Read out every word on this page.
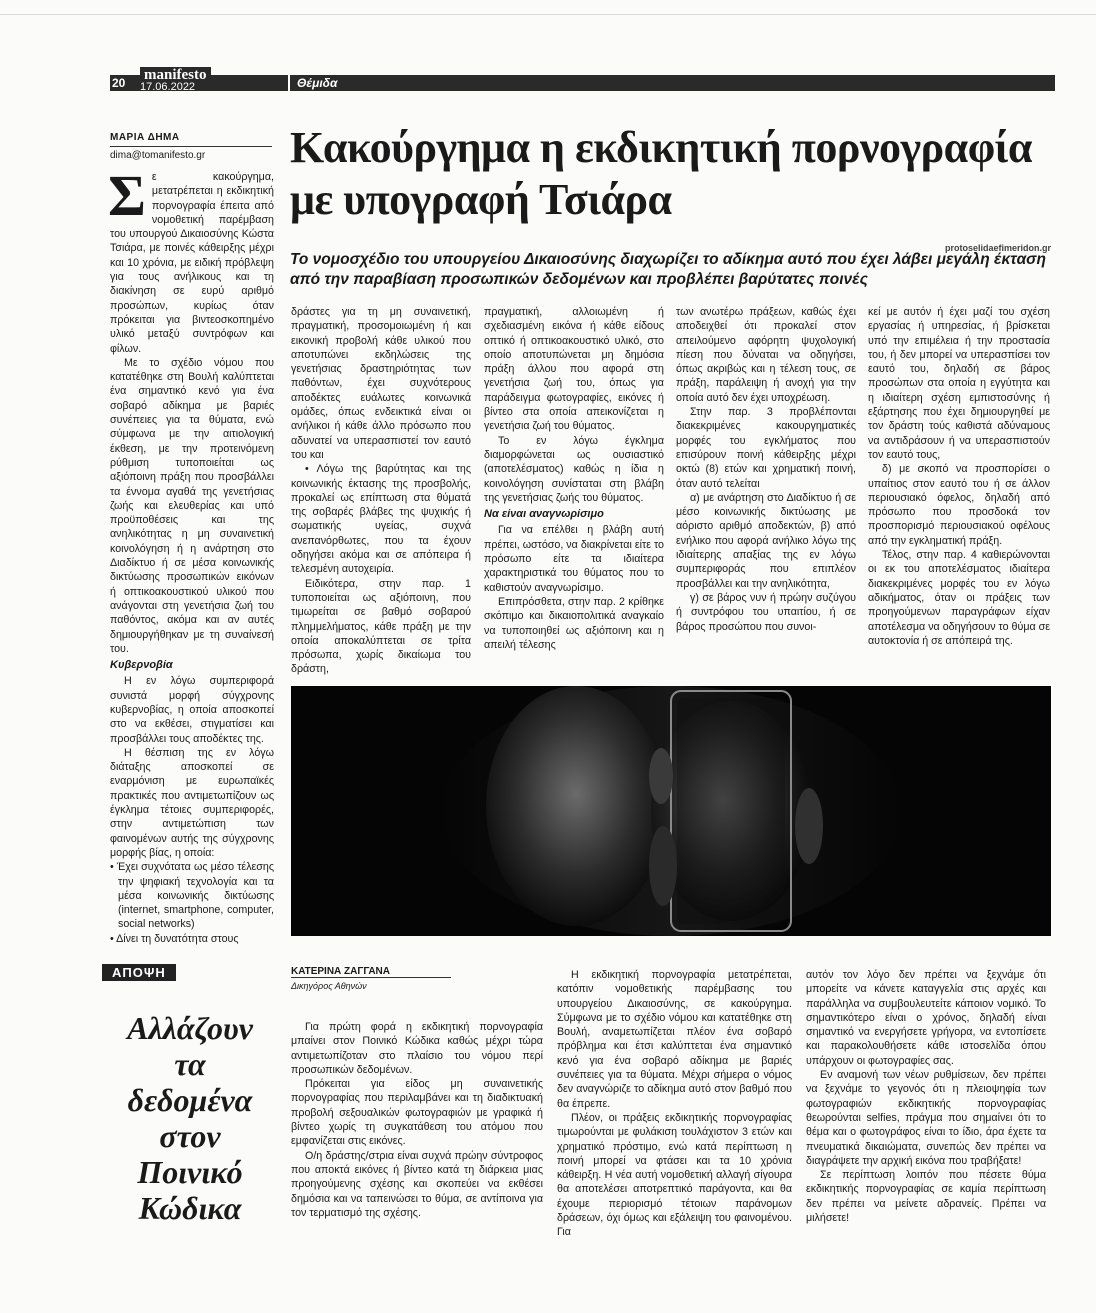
20 manifesto
17.06.2022	Θέμιδα
ΜΑΡΙΑ ΔΗΜΑ
dima@tomanifesto.gr Κακούργημα η εκδικητική πορνογραφία με υπογραφή Τσιάρα
protoselidaefimeridon.gr
Το νομοσχέδιο του υπουργείου Δικαιοσύνης διαχωρίζει το αδίκημα αυτό που έχει λάβει μεγάλη έκταση από την παραβίαση προσωπικών δεδομένων και προβλέπει βαρύτατες ποινές

Σε κακούργημα, μετατρέπεται η εκδικητική πορνογραφία έπειτα από νομοθετική παρέμβαση του υπουργού Δικαιοσύνης Κώστα Τσιάρα, με ποινές κάθειρξης μέχρι και 10 χρόνια, με ειδική πρόβλεψη για τους ανήλικους και τη διακίνηση σε ευρύ αριθμό προσώπων, κυρίως όταν πρόκειται για βιντεοσκοπημένο υλικό μεταξύ συντρόφων και φίλων.

Με το σχέδιο νόμου που κατατέθηκε στη Βουλή καλύπτεται ένα σημαντικό κενό για ένα σοβαρό αδίκημα με βαριές συνέπειες για τα θύματα, ενώ σύμφωνα με την αιτιολογική έκθεση, με την προτεινόμενη ρύθμιση τυποποιείται ως αξιόποινη πράξη που προσβάλλει τα έννομα αγαθά της γενετήσιας ζωής και ελευθερίας και υπό προϋποθέσεις και της ανηλικότητας η μη συναινετική κοινολόγηση ή η ανάρτηση στο Διαδίκτυο ή σε μέσα κοινωνικής δικτύωσης προσωπικών εικόνων ή οπτικοακουστικού υλικού που ανάγονται στη γενετήσια ζωή του παθόντος, ακόμα και αν αυτές δημιουργήθηκαν με τη συναίνεσή του.

Κυβερνοβία

Η εν λόγω συμπεριφορά συνιστά μορφή σύγχρονης κυβερνοβίας, η οποία αποσκοπεί στο να εκθέσει, στιγματίσει και προσβάλλει τους αποδέκτες της.

Η θέσπιση της εν λόγω διάταξης αποσκοπεί σε εναρμόνιση με ευρωπαϊκές πρακτικές που αντιμετωπίζουν ως έγκλημα τέτοιες συμπεριφορές, στην αντιμετώπιση των φαινομένων αυτής της σύγχρονης μορφής βίας, η οποία:

• Έχει συχνότατα ως μέσο τέλεσης την ψηφιακή τεχνολογία και τα μέσα κοινωνικής δικτύωσης (internet, smartphone, computer, social networks)

• Δίνει τη δυνατότητα στους

δράστες για τη μη συναινετική, πραγματική, προσομοιωμένη ή και εικονική προβολή κάθε υλικού που αποτυπώνει εκδηλώσεις της γενετήσιας δραστηριότητας των παθόντων, έχει συχνότερους αποδέκτες ευάλωτες κοινωνικά ομάδες, όπως ενδεικτικά είναι οι ανήλικοι ή κάθε άλλο πρόσωπο που αδυνατεί να υπερασπιστεί τον εαυτό του και

• Λόγω της βαρύτητας και της κοινωνικής έκτασης της προσβολής, προκαλεί ως επίπτωση στα θύματά της σοβαρές βλάβες της ψυχικής ή σωματικής υγείας, συχνά ανεπανόρθωτες, που τα έχουν οδηγήσει ακόμα και σε απόπειρα ή τελεσμένη αυτοχειρία.

Ειδικότερα, στην παρ. 1 τυποποιείται ως αξιόποινη, που τιμωρείται σε βαθμό σοβαρού πλημμελήματος, κάθε πράξη με την οποία αποκαλύπτεται σε τρίτα πρόσωπα, χωρίς δικαίωμα του δράστη,

πραγματική, αλλοιωμένη ή σχεδιασμένη εικόνα ή κάθε είδους οπτικό ή οπτικοακουστικό υλικό, στο οποίο αποτυπώνεται μη δημόσια πράξη άλλου που αφορά στη γενετήσια ζωή του, όπως για παράδειγμα φωτογραφίες, εικόνες ή βίντεο στα οποία απεικονίζεται η γενετήσια ζωή του θύματος.

Το εν λόγω έγκλημα διαμορφώνεται ως ουσιαστικό (αποτελέσματος) καθώς η ίδια η κοινολόγηση συνίσταται στη βλάβη της γενετήσιας ζωής του θύματος.

Να είναι αναγνωρίσιμο

Για να επέλθει η βλάβη αυτή πρέπει, ωστόσο, να διακρίνεται είτε το πρόσωπο είτε τα ιδιαίτερα χαρακτηριστικά του θύματος που το καθιστούν αναγνωρίσιμο.

Επιπρόσθετα, στην παρ. 2 κρίθηκε σκόπιμο και δικαιοπολιτικά αναγκαίο να τυποποιηθεί ως αξιόποινη και η απειλή τέλεσης

των ανωτέρω πράξεων, καθώς έχει αποδειχθεί ότι προκαλεί στον απειλούμενο αφόρητη ψυχολογική πίεση που δύναται να οδηγήσει, όπως ακριβώς και η τέλεση τους, σε πράξη, παράλειψη ή ανοχή για την οποία αυτό δεν έχει υποχρέωση.

Στην παρ. 3 προβλέπονται διακεκριμένες κακουργηματικές μορφές του εγκλήματος που επισύρουν ποινή κάθειρξης μέχρι οκτώ (8) ετών και χρηματική ποινή, όταν αυτό τελείται

α) με ανάρτηση στο Διαδίκτυο ή σε μέσο κοινωνικής δικτύωσης με αόριστο αριθμό αποδεκτών, β) από ενήλικο που αφορά ανήλικο λόγω της ιδιαίτερης απαξίας της εν λόγω συμπεριφοράς που επιπλέον προσβάλλει και την ανηλικότητα,

γ) σε βάρος νυν ή πρώην συζύγου ή συντρόφου του υπαιτίου, ή σε βάρος προσώπου που συνοι-

κεί με αυτόν ή έχει μαζί του σχέση εργασίας ή υπηρεσίας, ή βρίσκεται υπό την επιμέλεια ή την προστασία του, ή δεν μπορεί να υπερασπίσει τον εαυτό του, δηλαδή σε βάρος προσώπων στα οποία η εγγύτητα και η ιδιαίτερη σχέση εμπιστοσύνης ή εξάρτησης που έχει δημιουργηθεί με τον δράστη τούς καθιστά αδύναμους να αντιδράσουν ή να υπερασπιστούν τον εαυτό τους,

δ) με σκοπό να προσπορίσει ο υπαίτιος στον εαυτό του ή σε άλλον περιουσιακό όφελος, δηλαδή από πρόσωπο που προσδοκά τον προσπορισμό περιουσιακού οφέλους από την εγκληματική πράξη.

Τέλος, στην παρ. 4 καθιερώνονται οι εκ του αποτελέσματος ιδιαίτερα διακεκριμένες μορφές του εν λόγω αδικήματος, όταν οι πράξεις των προηγούμενων παραγράφων είχαν αποτέλεσμα να οδηγήσουν το θύμα σε αυτοκτονία ή σε απόπειρά της.

ΑΠΟΨΗ
Αλλάζουν τα δεδομένα στον Ποινικό Κώδικα
ΚΑΤΕΡΙΝΑ ΖΑΓΓΑΝΑ
Δικηγόρος Αθηνών

Για πρώτη φορά η εκδικητική πορνογραφία μπαίνει στον Ποινικό Κώδικα καθώς μέχρι τώρα αντιμετωπίζοταν στο πλαίσιο του νόμου περί προσωπικών δεδομένων.

Πρόκειται για είδος μη συναινετικής πορνογραφίας που περιλαμβάνει και τη διαδικτυακή προβολή σεξουαλικών φωτογραφιών με γραφικά ή βίντεο χωρίς τη συγκατάθεση του ατόμου που εμφανίζεται στις εικόνες.

Ο/η δράστης/στρια είναι συχνά πρώην σύντροφος που αποκτά εικόνες ή βίντεο κατά τη διάρκεια μιας προηγούμενης σχέσης και σκοπεύει να εκθέσει δημόσια και να ταπεινώσει το θύμα, σε αντίποινα για τον τερματισμό της σχέσης.

Η εκδικητική πορνογραφία μετατρέπεται, κατόπιν νομοθετικής παρέμβασης του υπουργείου Δικαιοσύνης, σε κακούργημα. Σύμφωνα με το σχέδιο νόμου και κατατέθηκε στη Βουλή, αναμετωπίζεται πλέον ένα σοβαρό πρόβλημα και έτσι καλύπτεται ένα σημαντικό κενό για ένα σοβαρό αδίκημα με βαριές συνέπειες για τα θύματα. Μέχρι σήμερα ο νόμος δεν αναγνώριζε το αδίκημα αυτό στον βαθμό που θα έπρεπε.

Πλέον, οι πράξεις εκδικητικής πορνογραφίας τιμωρούνται με φυλάκιση τουλάχιστον 3 ετών και χρηματικό πρόστιμο, ενώ κατά περίπτωση η ποινή μπορεί να φτάσει και τα 10 χρόνια κάθειρξη. Η νέα αυτή νομοθετική αλλαγή σίγουρα θα αποτελέσει αποτρεπτικό παράγοντα, και θα έχουμε περιορισμό τέτοιων παράνομων δράσεων, όχι όμως και εξάλειψη του φαινομένου. Για

αυτόν τον λόγο δεν πρέπει να ξεχνάμε ότι μπορείτε να κάνετε καταγγελία στις αρχές και παράλληλα να συμβουλευτείτε κάποιον νομικό. Το σημαντικότερο είναι ο χρόνος, δηλαδή είναι σημαντικό να ενεργήσετε γρήγορα, να εντοπίσετε και παρακολουθήσετε κάθε ιστοσελίδα όπου υπάρχουν οι φωτογραφίες σας.

Εν αναμονή των νέων ρυθμίσεων, δεν πρέπει να ξεχνάμε το γεγονός ότι η πλειοψηφία των φωτογραφιών εκδικητικής πορνογραφίας θεωρούνται selfies, πράγμα που σημαίνει ότι το θέμα και ο φωτογράφος είναι το ίδιο, άρα έχετε τα πνευματικά δικαιώματα, συνεπώς δεν πρέπει να διαγράψετε την αρχική εικόνα που τραβήξατε!

Σε περίπτωση λοιπόν που πέσετε θύμα εκδικητικής πορνογραφίας σε καμία περίπτωση δεν πρέπει να μείνετε αδρανείς. Πρέπει να μιλήσετε!
